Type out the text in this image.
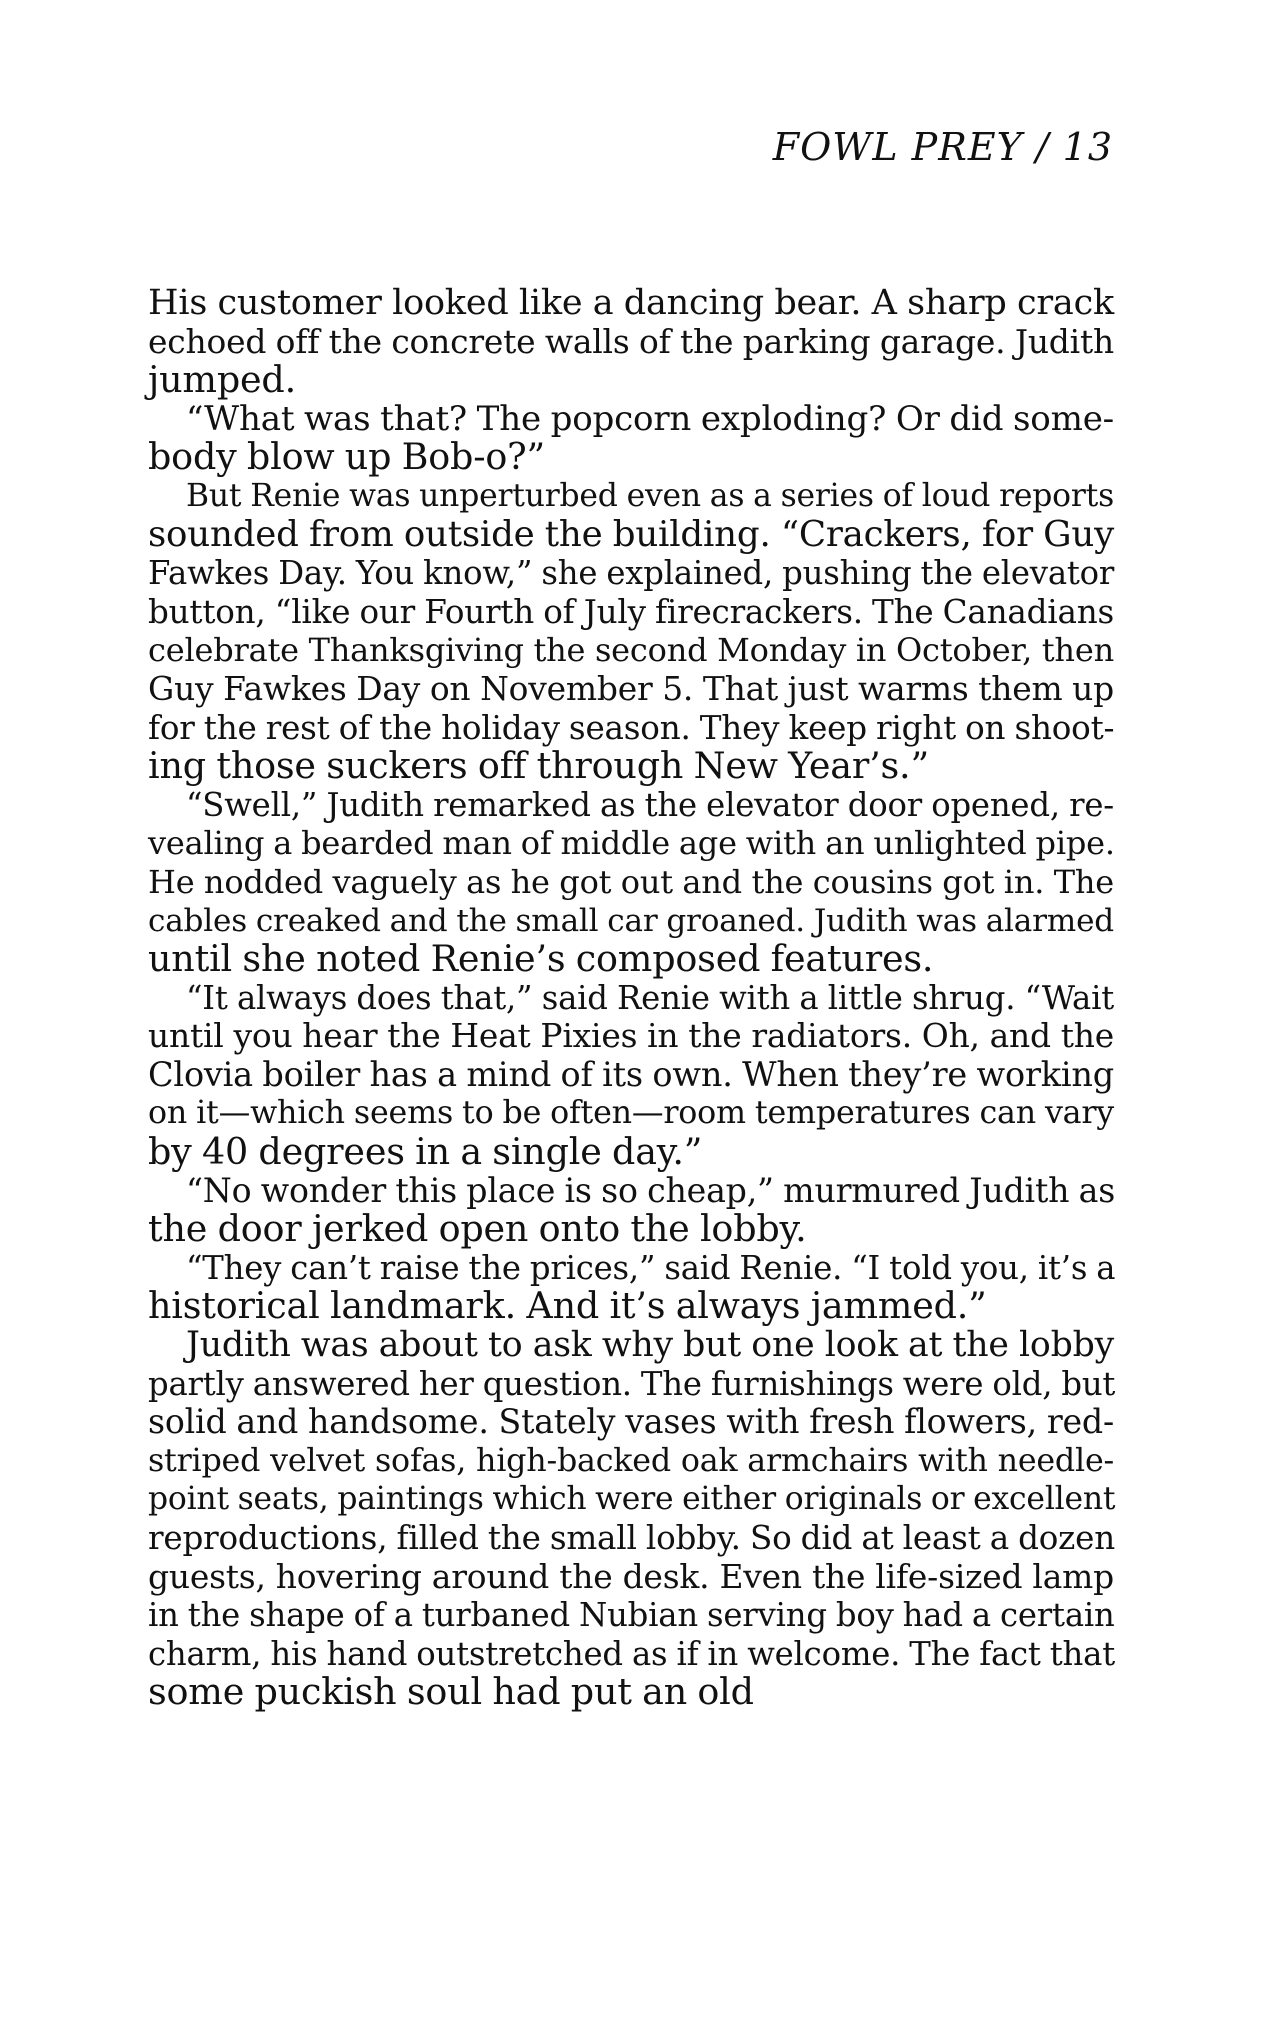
FOWL PREY / 13
His customer looked like a dancing bear. A sharp crack
echoed off the concrete walls of the parking garage. Judith
jumped.
“What was that? The popcorn exploding? Or did some-
body blow up Bob-o?”
But Renie was unperturbed even as a series of loud reports
sounded from outside the building. “Crackers, for Guy
Fawkes Day. You know,” she explained, pushing the elevator
button, “like our Fourth of July firecrackers. The Canadians
celebrate Thanksgiving the second Monday in October, then
Guy Fawkes Day on November 5. That just warms them up
for the rest of the holiday season. They keep right on shoot-
ing those suckers off through New Year’s.”
“Swell,” Judith remarked as the elevator door opened, re-
vealing a bearded man of middle age with an unlighted pipe.
He nodded vaguely as he got out and the cousins got in. The
cables creaked and the small car groaned. Judith was alarmed
until she noted Renie’s composed features.
“It always does that,” said Renie with a little shrug. “Wait
until you hear the Heat Pixies in the radiators. Oh, and the
Clovia boiler has a mind of its own. When they’re working
on it—which seems to be often—room temperatures can vary
by 40 degrees in a single day.”
“No wonder this place is so cheap,” murmured Judith as
the door jerked open onto the lobby.
“They can’t raise the prices,” said Renie. “I told you, it’s a
historical landmark. And it’s always jammed.”
Judith was about to ask why but one look at the lobby
partly answered her question. The furnishings were old, but
solid and handsome. Stately vases with fresh flowers, red-
striped velvet sofas, high-backed oak armchairs with needle-
point seats, paintings which were either originals or excellent
reproductions, filled the small lobby. So did at least a dozen
guests, hovering around the desk. Even the life-sized lamp
in the shape of a turbaned Nubian serving boy had a certain
charm, his hand outstretched as if in welcome. The fact that
some puckish soul had put an old
